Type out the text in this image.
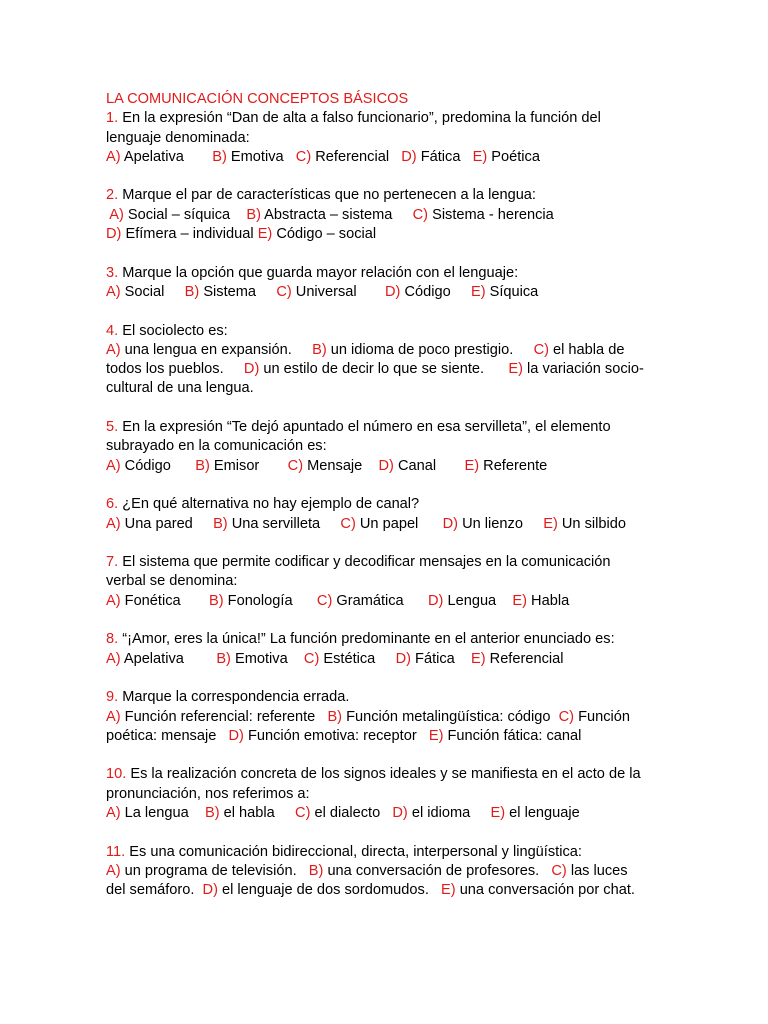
LA COMUNICACIÓN CONCEPTOS BÁSICOS
1. En la expresión “Dan de alta a falso funcionario”, predomina la función del
lenguaje denominada:
A) Apelativa       B) Emotiva   C) Referencial   D) Fática   E) Poética
2. Marque el par de características que no pertenecen a la lengua:
A) Social – síquica    B) Abstracta – sistema     C) Sistema - herencia
D) Efímera – individual E) Código – social
3. Marque la opción que guarda mayor relación con el lenguaje:
A) Social     B) Sistema     C) Universal       D) Código     E) Síquica
4. El sociolecto es:
A) una lengua en expansión.     B) un idioma de poco prestigio.     C) el habla de
todos los pueblos.     D) un estilo de decir lo que se siente.      E) la variación socio-
cultural de una lengua.
5. En la expresión “Te dejó apuntado el número en esa servilleta”, el elemento
subrayado en la comunicación es:
A) Código      B) Emisor       C) Mensaje    D) Canal       E) Referente
6. ¿En qué alternativa no hay ejemplo de canal?
A) Una pared     B) Una servilleta     C) Un papel      D) Un lienzo     E) Un silbido
7. El sistema que permite codificar y decodificar mensajes en la comunicación
verbal se denomina:
A) Fonética       B) Fonología      C) Gramática      D) Lengua    E) Habla
8. “¡Amor, eres la única!” La función predominante en el anterior enunciado es:
A) Apelativa        B) Emotiva    C) Estética     D) Fática    E) Referencial
9. Marque la correspondencia errada.
A) Función referencial: referente   B) Función metalingüística: código  C) Función
poética: mensaje   D) Función emotiva: receptor   E) Función fática: canal
10. Es la realización concreta de los signos ideales y se manifiesta en el acto de la
pronunciación, nos referimos a:
A) La lengua    B) el habla     C) el dialecto   D) el idioma     E) el lenguaje
11. Es una comunicación bidireccional, directa, interpersonal y lingüística:
A) un programa de televisión.   B) una conversación de profesores.   C) las luces
del semáforo.  D) el lenguaje de dos sordomudos.   E) una conversación por chat.
